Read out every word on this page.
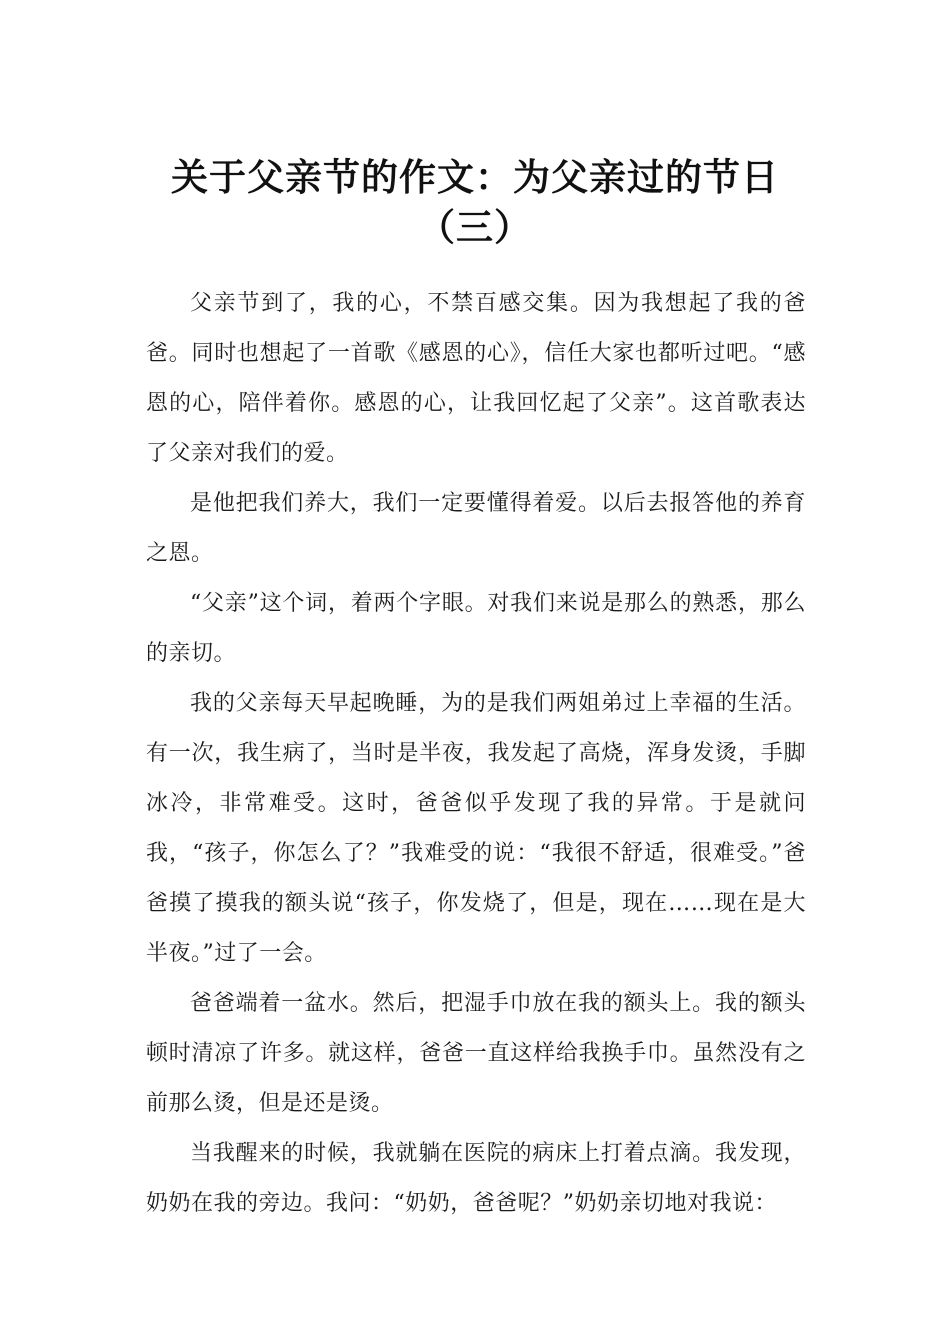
关于父亲节的作文：为父亲过的节日
（三）

父亲节到了，我的心，不禁百感交集。因为我想起了我的爸爸。同时也想起了一首歌《感恩的心》，信任大家也都听过吧。“感恩的心，陪伴着你。感恩的心，让我回忆起了父亲”。这首歌表达了父亲对我们的爱。

是他把我们养大，我们一定要懂得着爱。以后去报答他的养育之恩。

“父亲”这个词，着两个字眼。对我们来说是那么的熟悉，那么的亲切。

我的父亲每天早起晚睡，为的是我们两姐弟过上幸福的生活。有一次，我生病了，当时是半夜，我发起了高烧，浑身发烫，手脚冰冷，非常难受。这时，爸爸似乎发现了我的异常。于是就问我，“孩子，你怎么了？”我难受的说：“我很不舒适，很难受。”爸爸摸了摸我的额头说“孩子，你发烧了，但是，现在……现在是大半夜。”过了一会。

爸爸端着一盆水。然后，把湿手巾放在我的额头上。我的额头顿时清凉了许多。就这样，爸爸一直这样给我换手巾。虽然没有之前那么烫，但是还是烫。

当我醒来的时候，我就躺在医院的病床上打着点滴。我发现，奶奶在我的旁边。我问：“奶奶，爸爸呢？”奶奶亲切地对我说：
